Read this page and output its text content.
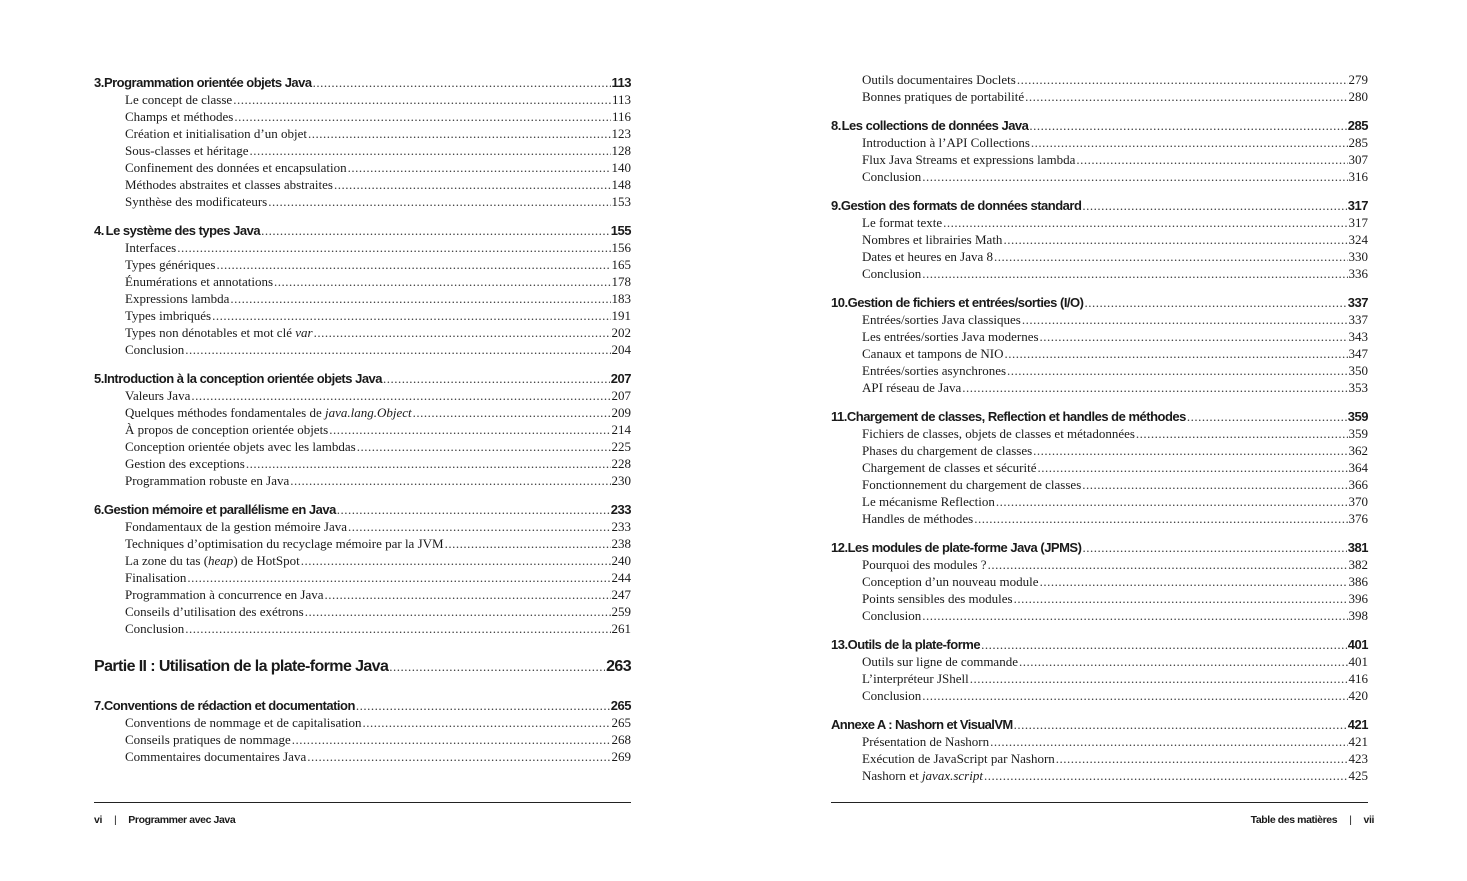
3. Programmation orientée objets Java .....	113
Le concept de classe .....	113
Champs et méthodes .....	116
Création et initialisation d’un objet .....	123
Sous-classes et héritage .....	128
Confinement des données et encapsulation .....	140
Méthodes abstraites et classes abstraites .....	148
Synthèse des modificateurs .....	153
4. Le système des types Java .....	155
Interfaces .....	156
Types génériques .....	165
Énumérations et annotations .....	178
Expressions lambda .....	183
Types imbriqués .....	191
Types non dénotables et mot clé var .....	202
Conclusion .....	204
5. Introduction à la conception orientée objets Java .....	207
Valeurs Java .....	207
Quelques méthodes fondamentales de java.lang.Object .....	209
À propos de conception orientée objets .....	214
Conception orientée objets avec les lambdas .....	225
Gestion des exceptions .....	228
Programmation robuste en Java .....	230
6. Gestion mémoire et parallélisme en Java .....	233
Fondamentaux de la gestion mémoire Java .....	233
Techniques d’optimisation du recyclage mémoire par la JVM .....	238
La zone du tas (heap) de HotSpot .....	240
Finalisation .....	244
Programmation à concurrence en Java .....	247
Conseils d’utilisation des exétrons .....	259
Conclusion .....	261
Partie II : Utilisation de la plate-forme Java .....	263
7. Conventions de rédaction et documentation .....	265
Conventions de nommage et de capitalisation .....	265
Conseils pratiques de nommage .....	268
Commentaires documentaires Java .....	269
vi | Programmer avec Java
Outils documentaires Doclets .....	279
Bonnes pratiques de portabilité .....	280
8. Les collections de données Java .....	285
Introduction à l’API Collections .....	285
Flux Java Streams et expressions lambda .....	307
Conclusion .....	316
9. Gestion des formats de données standard .....	317
Le format texte .....	317
Nombres et librairies Math .....	324
Dates et heures en Java 8 .....	330
Conclusion .....	336
10. Gestion de fichiers et entrées/sorties (I/O) .....	337
Entrées/sorties Java classiques .....	337
Les entrées/sorties Java modernes .....	343
Canaux et tampons de NIO .....	347
Entrées/sorties asynchrones .....	350
API réseau de Java .....	353
11. Chargement de classes, Reflection et handles de méthodes .....	359
Fichiers de classes, objets de classes et métadonnées .....	359
Phases du chargement de classes .....	362
Chargement de classes et sécurité .....	364
Fonctionnement du chargement de classes .....	366
Le mécanisme Reflection .....	370
Handles de méthodes .....	376
12. Les modules de plate-forme Java (JPMS) .....	381
Pourquoi des modules ? .....	382
Conception d’un nouveau module .....	386
Points sensibles des modules .....	396
Conclusion .....	398
13. Outils de la plate-forme .....	401
Outils sur ligne de commande .....	401
L’interpréteur JShell .....	416
Conclusion .....	420
Annexe A : Nashorn et VisualVM .....	421
Présentation de Nashorn .....	421
Exécution de JavaScript par Nashorn .....	423
Nashorn et javax.script .....	425
Table des matières | vii
